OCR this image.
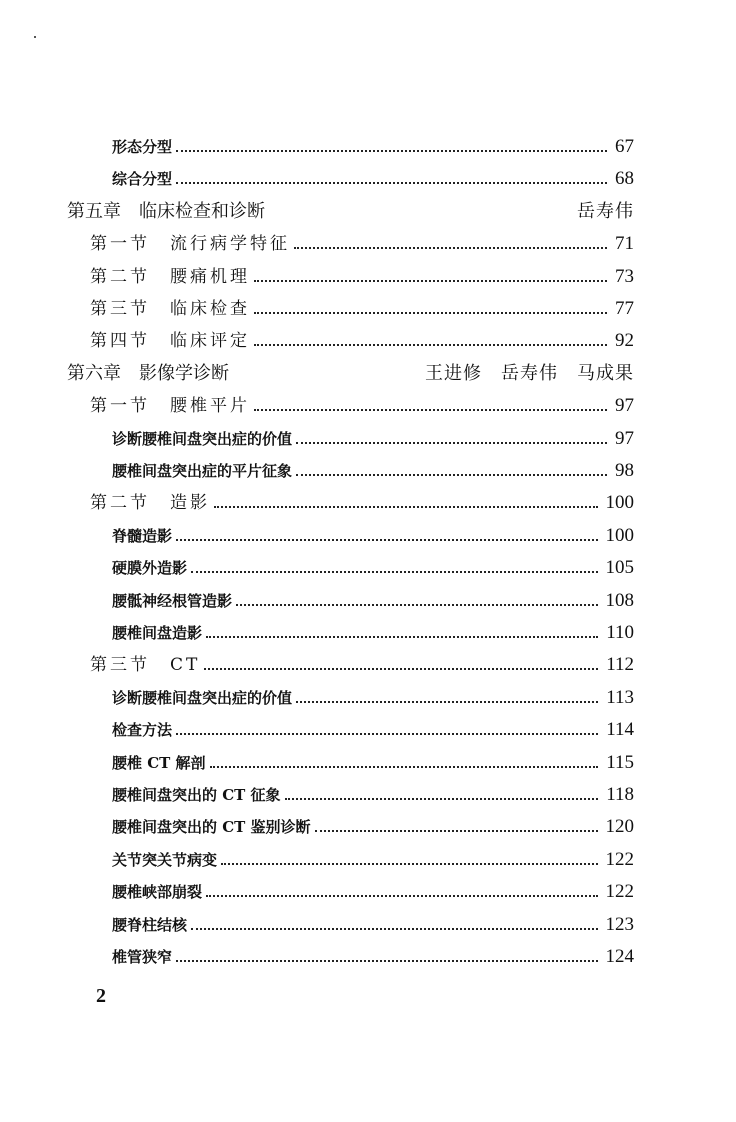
形态分型	67
综合分型	68
第五章　临床检查和诊断	岳寿伟
第一节　流行病学特征	71
第二节　腰痛机理	73
第三节　临床检查	77
第四节　临床评定	92
第六章　影像学诊断	王进修　岳寿伟　马成果
第一节　腰椎平片	97
诊断腰椎间盘突出症的价值	97
腰椎间盘突出症的平片征象	98
第二节　造影	100
脊髓造影	100
硬膜外造影	105
腰骶神经根管造影	108
腰椎间盘造影	110
第三节　CT	112
诊断腰椎间盘突出症的价值	113
检查方法	114
腰椎 CT 解剖	115
腰椎间盘突出的 CT 征象	118
腰椎间盘突出的 CT 鉴别诊断	120
关节突关节病变	122
腰椎峡部崩裂	122
腰脊柱结核	123
椎管狭窄	124
2
